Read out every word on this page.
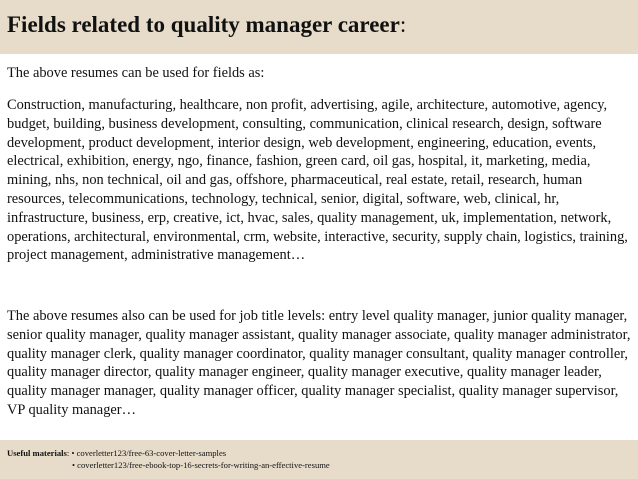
Fields related to quality manager career:
The above resumes can be used for fields as:
Construction, manufacturing, healthcare, non profit, advertising, agile, architecture, automotive, agency, budget, building, business development, consulting, communication, clinical research, design, software development, product development, interior design, web development, engineering, education, events, electrical, exhibition, energy, ngo, finance, fashion, green card, oil gas, hospital, it, marketing, media, mining, nhs, non technical, oil and gas, offshore, pharmaceutical, real estate, retail, research, human resources, telecommunications, technology, technical, senior, digital, software, web, clinical, hr, infrastructure, business, erp, creative, ict, hvac, sales, quality management, uk, implementation, network, operations, architectural, environmental, crm, website, interactive, security, supply chain, logistics, training, project management, administrative management…
The above resumes also can be used for job title levels: entry level quality manager, junior quality manager, senior quality manager, quality manager assistant, quality manager associate, quality manager administrator, quality manager clerk, quality manager coordinator, quality manager consultant, quality manager controller, quality manager director, quality manager engineer, quality manager executive, quality manager leader, quality manager manager, quality manager officer, quality manager specialist, quality manager supervisor, VP quality manager…
Useful materials: • coverletter123/free-63-cover-letter-samples
• coverletter123/free-ebook-top-16-secrets-for-writing-an-effective-resume
